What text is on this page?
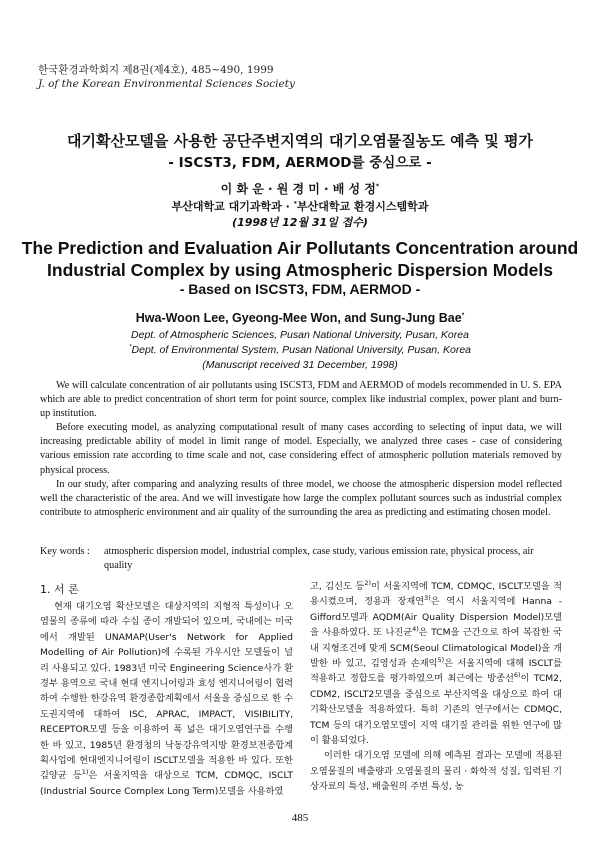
한국환경과학회지 제8권(제4호), 485~490, 1999
J. of the Korean Environmental Sciences Society
대기확산모델을 사용한 공단주변지역의 대기오염물질농도 예측 및 평가
- ISCST3, FDM, AERMOD를 중심으로 -
이 화 운 · 원 경 미 · 배 성 정*
부산대학교 대기과학과 · *부산대학교 환경시스템학과
(1998년 12월 31일 접수)
The Prediction and Evaluation Air Pollutants Concentration around
Industrial Complex by using Atmospheric Dispersion Models
- Based on ISCST3, FDM, AERMOD -
Hwa-Woon Lee, Gyeong-Mee Won, and Sung-Jung Bae*
Dept. of Atmospheric Sciences, Pusan National University, Pusan, Korea
*Dept. of Environmental System, Pusan National University, Pusan, Korea
(Manuscript received 31 December, 1998)

We will calculate concentration of air pollutants using ISCST3, FDM and AERMOD of models recommended in U. S. EPA which are able to predict concentration of short term for point source, complex like industrial complex, power plant and burn-up institution.

Before executing model, as analyzing computational result of many cases according to selecting of input data, we will increasing predictable ability of model in limit range of model. Especially, we analyzed three cases - case of considering various emission rate according to time scale and not, case considering effect of atmospheric pollution materials removed by physical process.

In our study, after comparing and analyzing results of three model, we choose the atmospheric dispersion model reflected well the characteristic of the area. And we will investigate how large the complex pollutant sources such as industrial complex contribute to atmospheric environment and air quality of the surrounding the area as predicting and estimating chosen model.

Key words : atmospheric dispersion model, industrial complex, case study, various emission rate, physical process, air quality
1. 서 론

현재 대기오염 확산모델은 대상지역의 지형적 특성이나 오염물의 종류에 따라 수십 종이 개발되어 있으며, 국내에는 미국에서 개발된 UNAMAP(User's Network for Applied Modelling of Air Pollution)에 수록된 가우시안 모델들이 널리 사용되고 있다. 1983년 미국 Engineering Science사가 환경부 용역으로 국내 현대 엔지니어링과 효성 엔지니어링이 협력하여 수행한 한강유역 환경종합계획에서 서울을 중심으로 한 수도권지역에 대하여 ISC, APRAC, IMPACT, VISIBILITY, RECEPTOR모델 등을 이용하여 폭 넓은 대기오염연구를 수행한 바 있고, 1985년 환경청의 낙동강유역지방 환경보전종합계획사업에 현대엔지니어링이 ISCLT모델을 적용한 바 있다. 또한 김양균 등$^{1)}$은 서울지역을 대상으로 TCM, CDMQC, ISCLT (Industrial Source Complex Long Term)모델을 사용하였

고, 김신도 등$^{2)}$이 서울지역에 TCM, CDMQC, ISCLT모델을 적용시켰으며, 정용과 장재연$^{3)}$은 역시 서울지역에 Hanna - Gifford모델과 AQDM(Air Quality Dispersion Model)모델을 사용하였다. 또 나진균$^{4)}$은 TCM을 근간으로 하여 복잡한 국내 지형조건에 맞게 SCM(Seoul Climatological Model)을 개발한 바 있고, 김영성과 손재익$^{5)}$은 서울지역에 대해 ISCLT를 적용하고 정합도를 평가하였으며 최근에는 방종선$^{6)}$이 TCM2, CDM2, ISCLT2모델을 중심으로 부산지역을 대상으로 하여 대기확산모델을 적용하였다. 특히 기존의 연구에서는 CDMQC, TCM 등의 대기오염모델이 지역 대기질 관리를 위한 연구에 많이 활용되었다.

이러한 대기오염 모델에 의해 예측된 결과는 모델에 적용된 오염물질의 배출량과 오염물질의 물리 · 화학적 성질, 입력된 기상자료의 특성, 배출원의 주변 특성, 농

485
